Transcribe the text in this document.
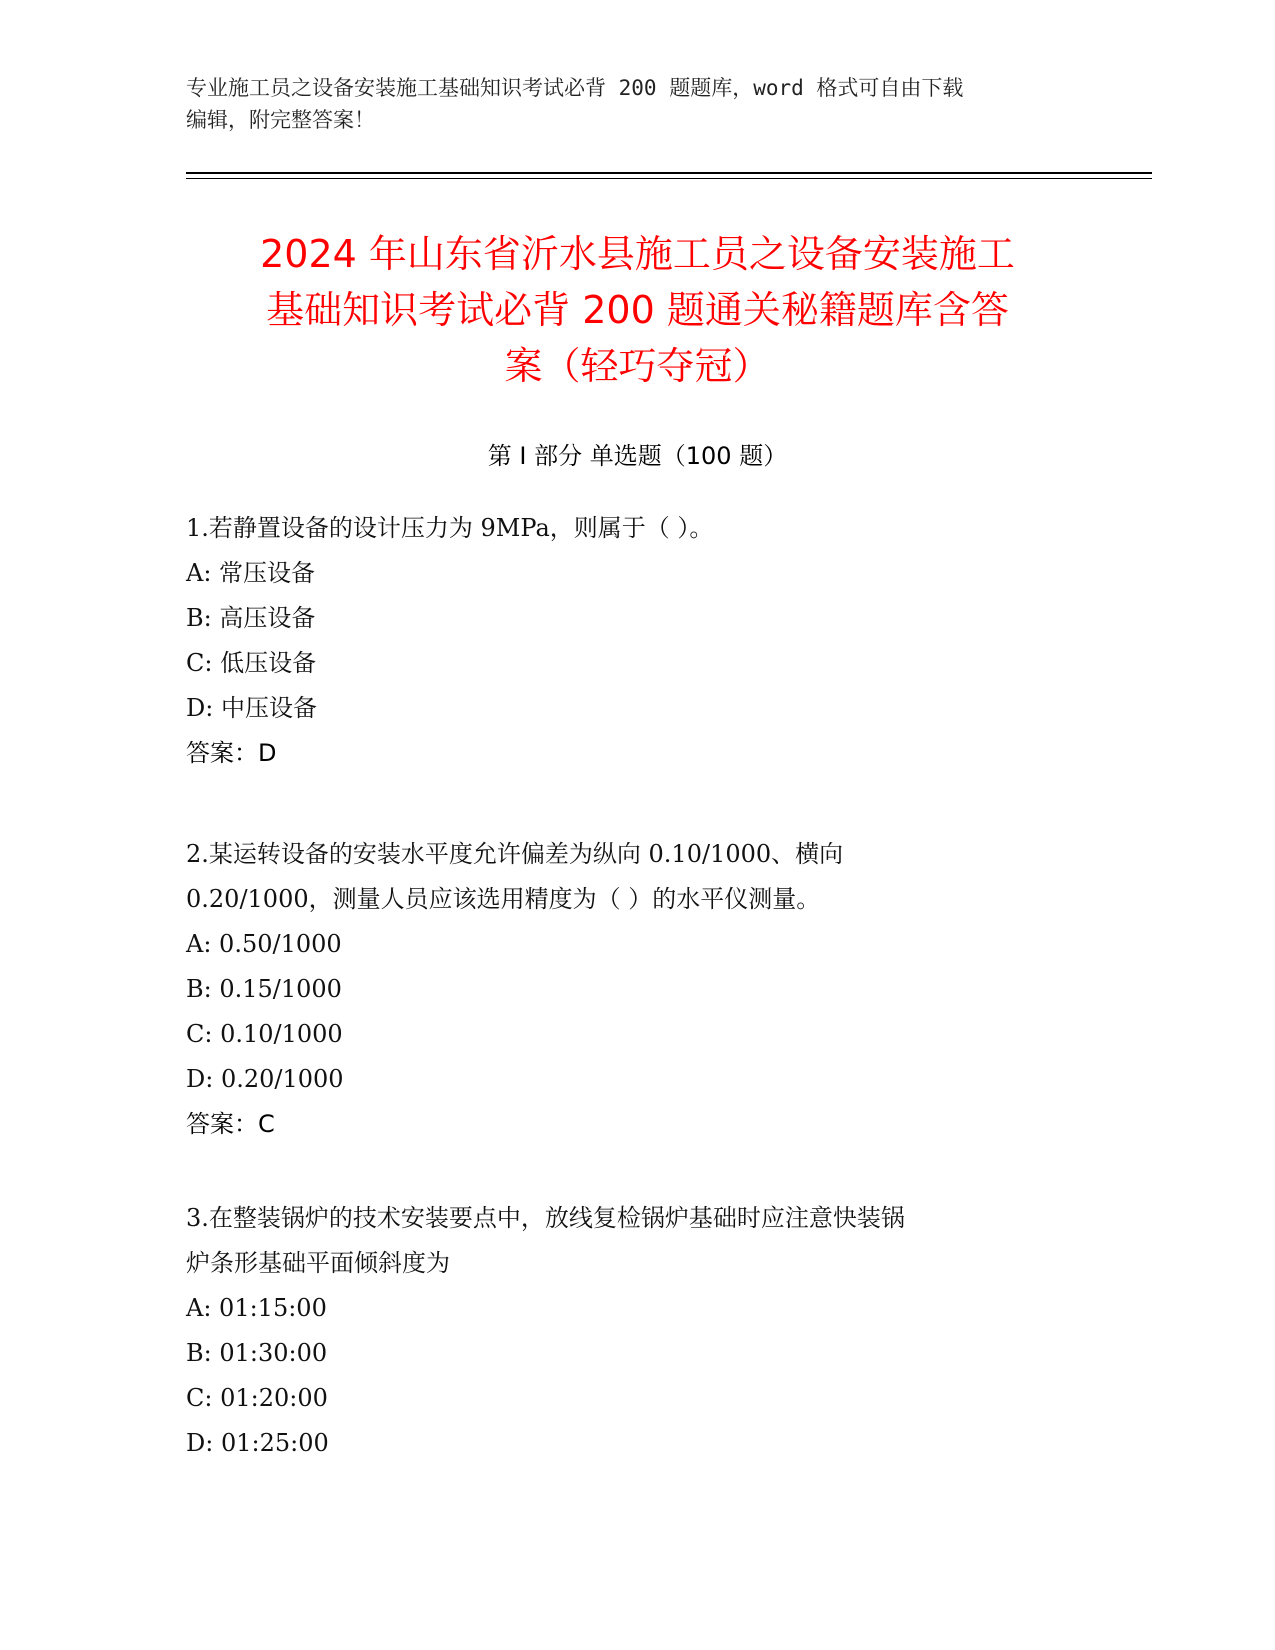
专业施工员之设备安装施工基础知识考试必背 200 题题库，word 格式可自由下载
编辑，附完整答案！
2024 年山东省沂水县施工员之设备安装施工
基础知识考试必背 200 题通关秘籍题库含答
案（轻巧夺冠）
第 I 部分 单选题（100 题）
1.若静置设备的设计压力为 9MPa，则属于（ ）。
A: 常压设备
B: 高压设备
C: 低压设备
D: 中压设备
答案：D
2.某运转设备的安装水平度允许偏差为纵向 0.10/1000、横向
0.20/1000，测量人员应该选用精度为（ ）的水平仪测量。
A: 0.50/1000
B: 0.15/1000
C: 0.10/1000
D: 0.20/1000
答案：C
3.在整装锅炉的技术安装要点中，放线复检锅炉基础时应注意快装锅
炉条形基础平面倾斜度为
A: 01:15:00
B: 01:30:00
C: 01:20:00
D: 01:25:00
